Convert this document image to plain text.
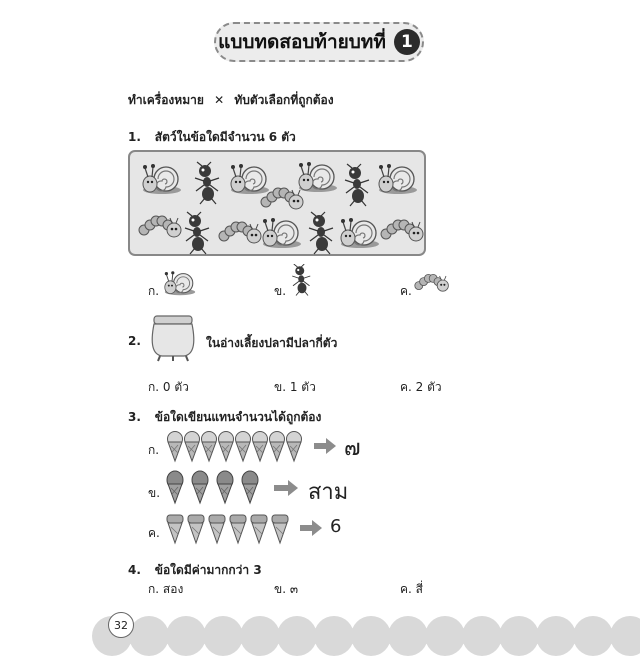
แบบทดสอบท้ายบทที่ 1
ทำเครื่องหมาย ✕ ทับตัวเลือกที่ถูกต้อง
1. สัตว์ในข้อใดมีจำนวน 6 ตัว
ก.	ข.	ค.
2.	ในอ่างเลี้ยงปลามีปลากี่ตัว
ก. 0 ตัว	ข. 1 ตัว	ค. 2 ตัว
3. ข้อใดเขียนแทนจำนวนได้ถูกต้อง
ก.	๗
ข.	สาม
ค.	6
4. ข้อใดมีค่ามากกว่า 3
ก. สอง	ข. ๓	ค. สี่
32
